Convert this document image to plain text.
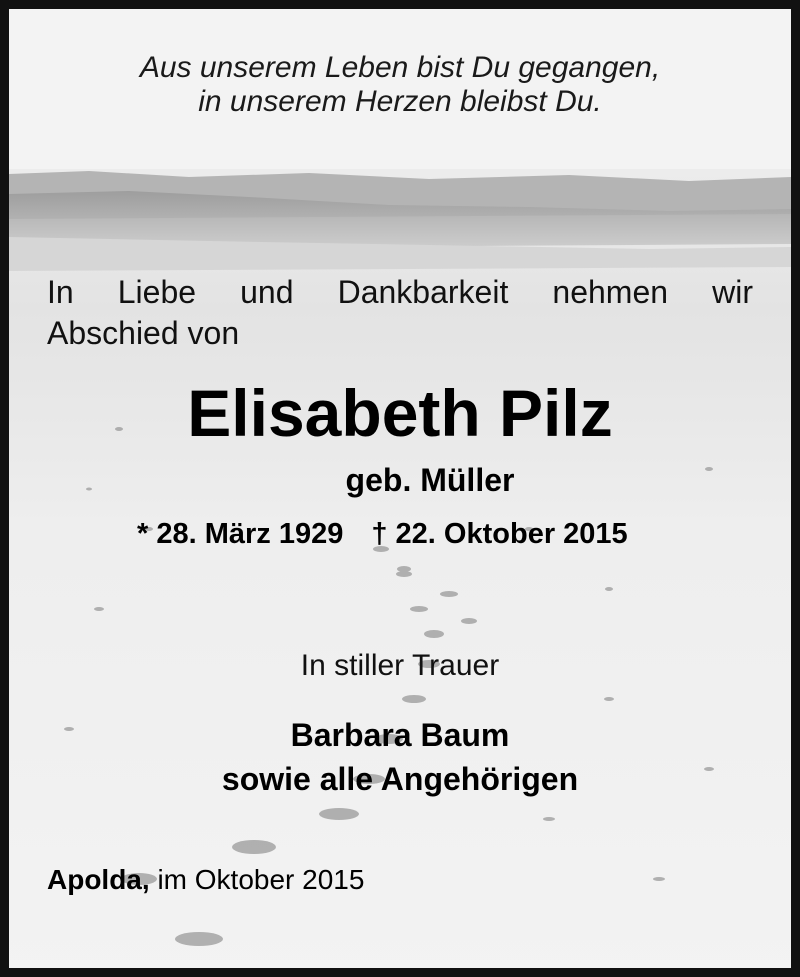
Aus unserem Leben bist Du gegangen,
in unserem Herzen bleibst Du.
In Liebe und Dankbarkeit nehmen wir
Abschied von
Elisabeth Pilz
geb. Müller
* 28. März 1929 † 22. Oktober 2015
In stiller Trauer
Barbara Baum
sowie alle Angehörigen
Apolda, im Oktober 2015
